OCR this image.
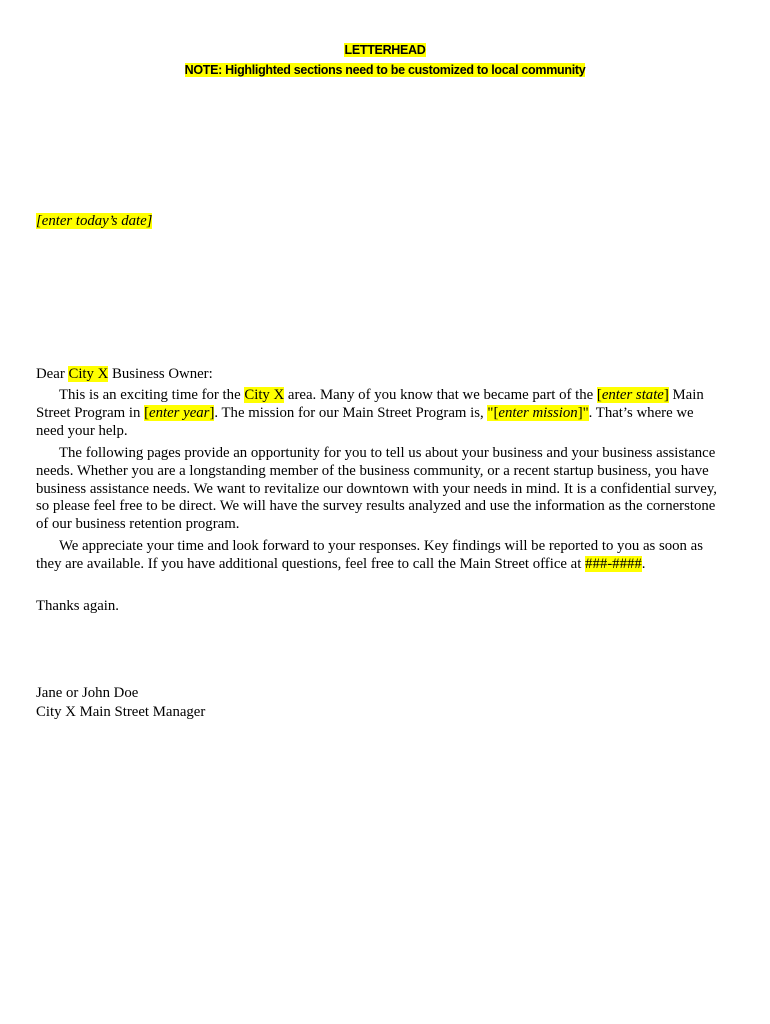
LETTERHEAD
NOTE: Highlighted sections need to be customized to local community
[enter today’s date]
Dear City X Business Owner:
This is an exciting time for the City X area. Many of you know that we became part of the [enter state] Main
Street Program in [enter year]. The mission for our Main Street Program is, "[enter mission]". That’s where we
need your help.
The following pages provide an opportunity for you to tell us about your business and your business assistance
needs. Whether you are a longstanding member of the business community, or a recent startup business, you have
business assistance needs. We want to revitalize our downtown with your needs in mind. It is a confidential survey,
so please feel free to be direct. We will have the survey results analyzed and use the information as the cornerstone
of our business retention program.
We appreciate your time and look forward to your responses. Key findings will be reported to you as soon as
they are available. If you have additional questions, feel free to call the Main Street office at ###-####.
Thanks again.
Jane or John Doe
City X Main Street Manager
